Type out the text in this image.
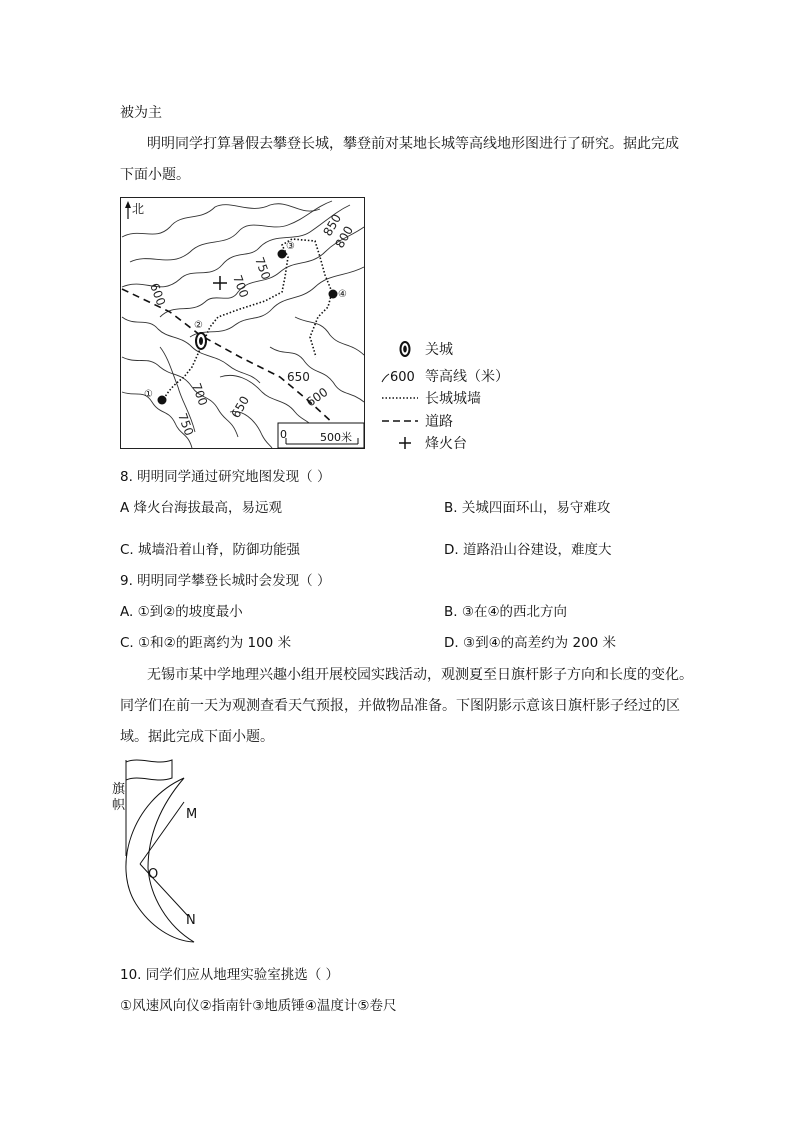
被为主
明明同学打算暑假去攀登长城，攀登前对某地长城等高线地形图进行了研究。据此完成
下面小题。
850
800
750
700
600
650
700
750
650	600
①
②
③
④
北
0	500米
关城
600 等高线（米）
长城城墙
道路
烽火台
8. 明明同学通过研究地图发现（ ）
A 烽火台海拔最高，易远观	B. 关城四面环山，易守难攻
C. 城墙沿着山脊，防御功能强	D. 道路沿山谷建设，难度大
9. 明明同学攀登长城时会发现（ ）
A. ①到②的坡度最小	B. ③在④的西北方向
C. ①和②的距离约为 100 米	D. ③到④的高差约为 200 米
无锡市某中学地理兴趣小组开展校园实践活动，观测夏至日旗杆影子方向和长度的变化。
同学们在前一天为观测查看天气预报，并做物品准备。下图阴影示意该日旗杆影子经过的区
域。据此完成下面小题。
旗
帜
M
O
N
10. 同学们应从地理实验室挑选（ ）
①风速风向仪②指南针③地质锤④温度计⑤卷尺
